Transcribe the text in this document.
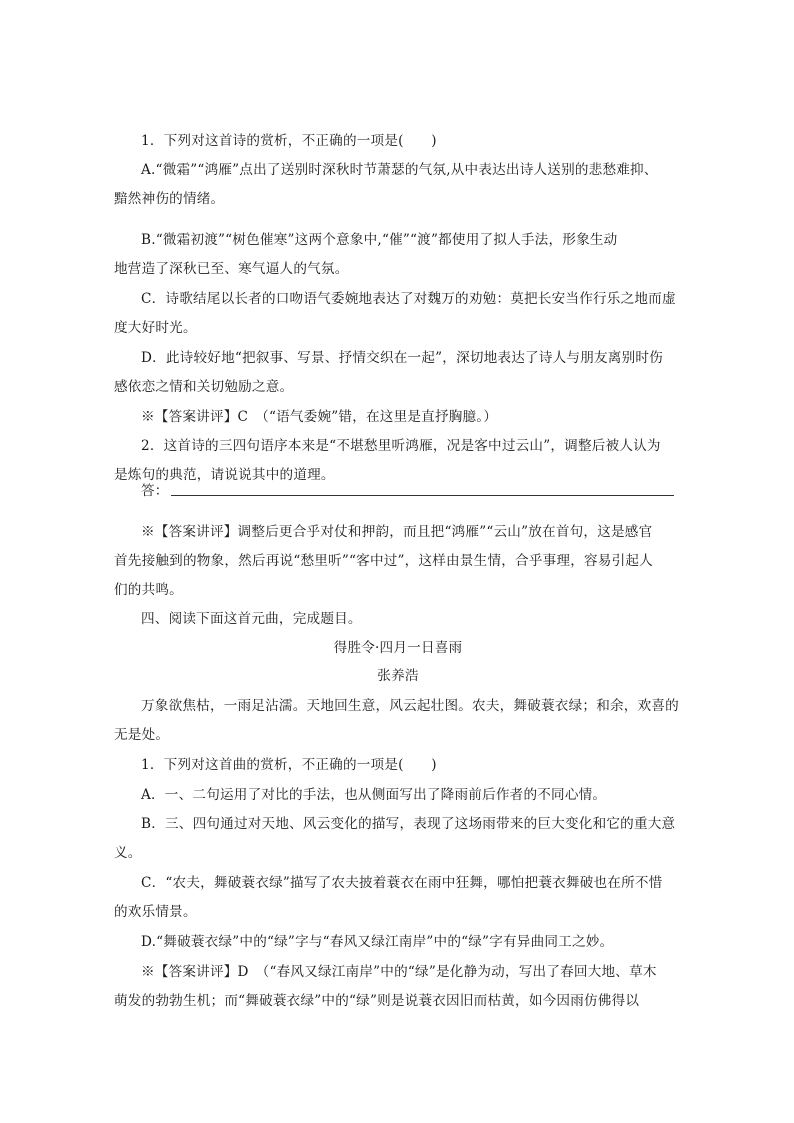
1．下列对这首诗的赏析，不正确的一项是(　　)
A.“微霜”“鸿雁”点出了送别时深秋时节萧瑟的气氛,从中表达出诗人送别的悲愁难抑、
黯然神伤的情绪。
B.“微霜初渡”“树色催寒”这两个意象中,“催”“渡”都使用了拟人手法，形象生动
地营造了深秋已至、寒气逼人的气氛。
C．诗歌结尾以长者的口吻语气委婉地表达了对魏万的劝勉：莫把长安当作行乐之地而虚
度大好时光。
D．此诗较好地“把叙事、写景、抒情交织在一起”，深切地表达了诗人与朋友离别时伤
感依恋之情和关切勉励之意。
※【答案讲评】C　（“语气委婉”错，在这里是直抒胸臆。）
2．这首诗的三四句语序本来是“不堪愁里听鸿雁，况是客中过云山”，调整后被人认为
是炼句的典范，请说说其中的道理。
答：
※【答案讲评】调整后更合乎对仗和押韵，而且把“鸿雁”“云山”放在首句，这是感官
首先接触到的物象，然后再说“愁里听”“客中过”，这样由景生情，合乎事理，容易引起人
们的共鸣。
四、阅读下面这首元曲，完成题目。
得胜令·四月一日喜雨
张养浩
万象欲焦枯，一雨足沾濡。天地回生意，风云起壮图。农夫，舞破蓑衣绿；和余，欢喜的
无是处。
1．下列对这首曲的赏析，不正确的一项是(　　)
A．一、二句运用了对比的手法，也从侧面写出了降雨前后作者的不同心情。
B．三、四句通过对天地、风云变化的描写，表现了这场雨带来的巨大变化和它的重大意
义。
C．“农夫，舞破蓑衣绿”描写了农夫披着蓑衣在雨中狂舞，哪怕把蓑衣舞破也在所不惜
的欢乐情景。
D.“舞破蓑衣绿”中的“绿”字与“春风又绿江南岸”中的“绿”字有异曲同工之妙。
※【答案讲评】D　（“春风又绿江南岸”中的“绿”是化静为动，写出了春回大地、草木
萌发的勃勃生机；而“舞破蓑衣绿”中的“绿”则是说蓑衣因旧而枯黄，如今因雨仿佛得以
